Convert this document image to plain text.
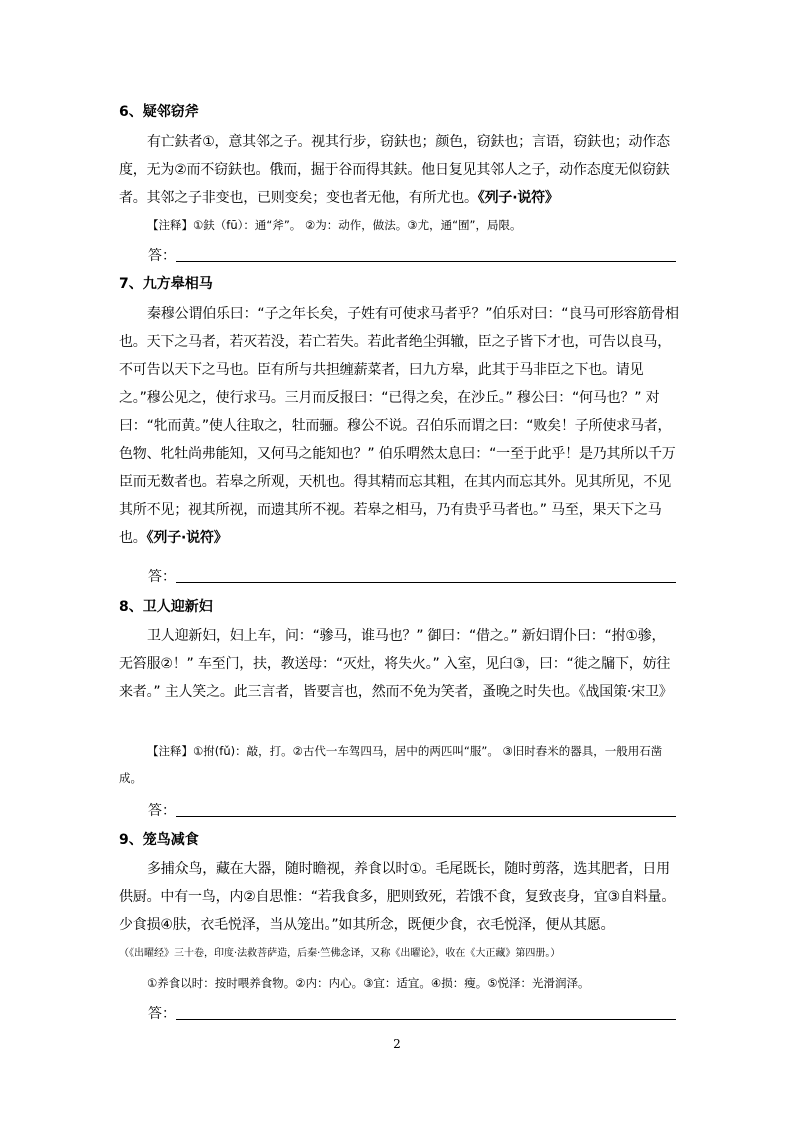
6、疑邻窃斧
有亡鈇者①，意其邻之子。视其行步，窃鈇也；颜色，窃鈇也；言语，窃鈇也；动作态度，无为②而不窃鈇也。俄而，掘于谷而得其鈇。他日复见其邻人之子，动作态度无似窃鈇者。其邻之子非变也，已则变矣；变也者无他，有所尤也。《列子·说符》
【注释】①鈇（fū）：通“斧”。 ②为：动作，做法。③尤，通“囿”，局限。
答：
7、九方皋相马
秦穆公谓伯乐曰：“子之年长矣，子姓有可使求马者乎？”伯乐对曰：“良马可形容筋骨相也。天下之马者，若灭若没，若亡若失。若此者绝尘弭辙，臣之子皆下才也，可告以良马，不可告以天下之马也。臣有所与共担缠薪菜者，曰九方皋，此其于马非臣之下也。请见之。”穆公见之，使行求马。三月而反报曰：“已得之矣，在沙丘。” 穆公曰：“何马也？” 对曰：“牝而黄。”使人往取之，牡而骊。穆公不说。召伯乐而谓之曰：“败矣！子所使求马者，色物、牝牡尚弗能知，又何马之能知也？” 伯乐喟然太息曰：“一至于此乎！是乃其所以千万臣而无数者也。若皋之所观，天机也。得其精而忘其粗，在其内而忘其外。见其所见，不见其所不见；视其所视，而遗其所不视。若皋之相马，乃有贵乎马者也。” 马至，果天下之马也。《列子·说符》
答：
8、卫人迎新妇
卫人迎新妇，妇上车，问：“骖马，谁马也？” 御曰：“借之。” 新妇谓仆曰：“拊①骖，无笞服②！” 车至门，扶，教送母：“灭灶，将失火。” 入室，见臼③，曰：“徙之牖下，妨往来者。” 主人笑之。此三言者，皆要言也，然而不免为笑者，蚤晚之时失也。《战国策·宋卫》
【注释】①拊(fǔ)：敲，打。②古代一车驾四马，居中的两匹叫“服”。 ③旧时舂米的器具，一般用石凿成。
答：
9、笼鸟减食
多捕众鸟，藏在大器，随时瞻视，养食以时①。毛尾既长，随时剪落，选其肥者，日用供厨。中有一鸟，内②自思惟：“若我食多，肥则致死，若饿不食，复致丧身，宜③自料量。少食损④肤，衣毛悦泽，当从笼出。”如其所念，既便少食，衣毛悦泽，便从其愿。
（《出曜经》三十卷，印度·法救菩萨造，后秦·竺佛念译，又称《出曜论》，收在《大正藏》第四册。）
①养食以时：按时喂养食物。②内：内心。③宜：适宜。④损：瘦。⑤悦泽：光滑润泽。
答：
2
